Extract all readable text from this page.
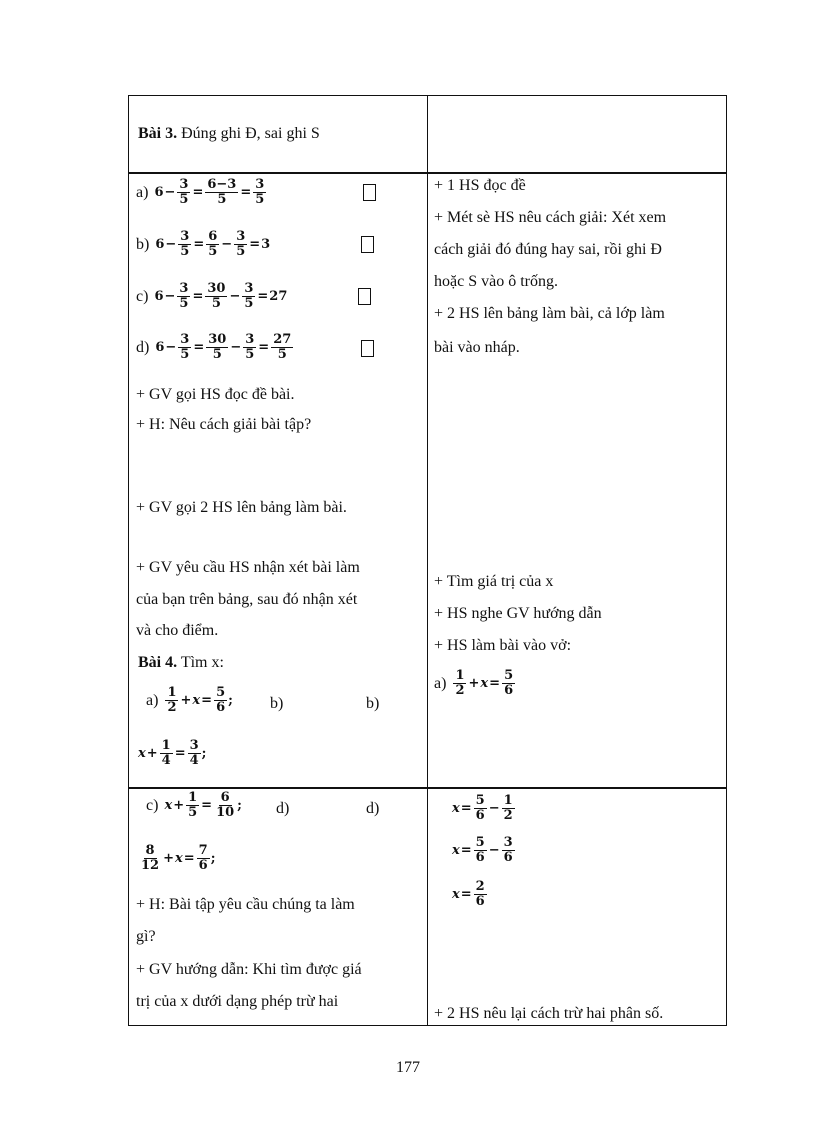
Bài 3. Đúng ghi Đ, sai ghi S
a) $6 - \frac{3}{5} = \frac{6-3}{5} = \frac{3}{5}$
b) $6 - \frac{3}{5} = \frac{6}{5} - \frac{3}{5} = 3$
c) $6 - \frac{3}{5} = \frac{30}{5} - \frac{3}{5} = 27$
d) $6 - \frac{3}{5} = \frac{30}{5} - \frac{3}{5} = \frac{27}{5}$
+ GV gọi HS đọc đề bài.
+ H: Nêu cách giải bài tập?
+ GV gọi 2 HS lên bảng làm bài.
+ GV yêu cầu HS nhận xét bài làm
của bạn trên bảng, sau đó nhận xét
và cho điểm.
Bài 4. Tìm x:
$a) \frac{1}{2} + x = \frac{5}{6}$ ; b)	b)
$x + \frac{1}{4} = \frac{3}{4}$ ;
c) $x + \frac{1}{5} = \frac{6}{10}$ ; d)	d)
$\frac{8}{12} + x = \frac{7}{6}$ ;
+ H: Bài tập yêu cầu chúng ta làm
gì?
+ GV hướng dẫn: Khi tìm được giá
trị của x dưới dạng phép trừ hai
+ 1 HS đọc đề
+ Mét sè HS nêu cách giải: Xét xem
cách giải đó đúng hay sai, rồi ghi Đ
hoặc S vào ô trống.
+ 2 HS lên bảng làm bài, cả lớp làm
bài vào nháp.
+ Tìm giá trị của x
+ HS nghe GV hướng dẫn
+ HS làm bài vào vở:
$a) \frac{1}{2} + x = \frac{5}{6}$
$x = \frac{5}{6} - \frac{1}{2}$
$x = \frac{5}{6} - \frac{3}{6}$
$x = \frac{2}{6}$
+ 2 HS nêu lại cách trừ hai phân số.
177
